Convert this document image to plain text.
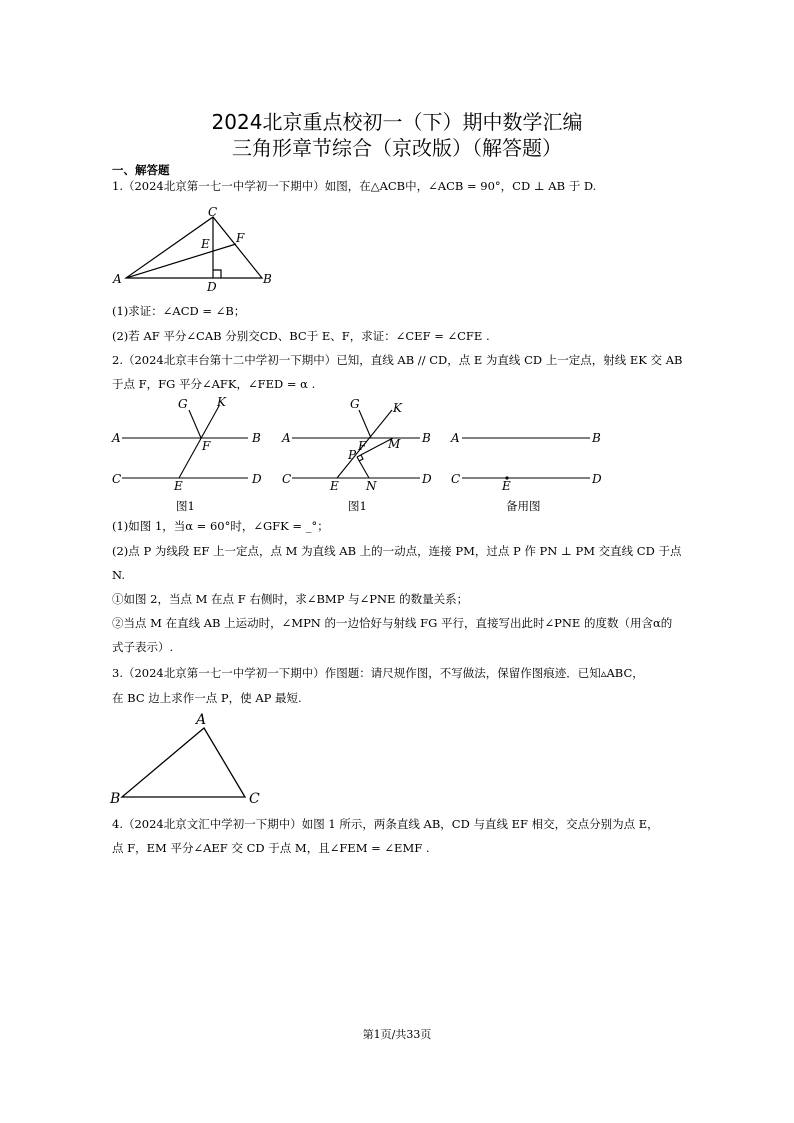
2024北京重点校初一（下）期中数学汇编
三角形章节综合（京改版）（解答题）
一、解答题
1.（2024北京第一七一中学初一下期中）如图，在△ACB中，∠ACB = 90°，CD ⊥ AB 于 D.
C
E F
A
D
B
(1)求证：∠ACD = ∠B；
(2)若 AF 平分∠CAB 分别交CD、BC于 E、F，求证：∠CEF = ∠CFE .
2.（2024北京丰台第十二中学初一下期中）已知，直线 AB // CD，点 E 为直线 CD 上一定点，射线 EK 交 AB
于点 F，FG 平分∠AFK，∠FED = α .
G K
A
F
B
C	E	D
G	K
A
F M B
P
C	E N	D
A	B
C	E	D
图1	图1	备用图
(1)如图 1，当α = 60°时，∠GFK = _°；
(2)点 P 为线段 EF 上一定点，点 M 为直线 AB 上的一动点，连接 PM，过点 P 作 PN ⊥ PM 交直线 CD 于点
N.
①如图 2，当点 M 在点 F 右侧时，求∠BMP 与∠PNE 的数量关系；
②当点 M 在直线 AB 上运动时，∠MPN 的一边恰好与射线 FG 平行，直接写出此时∠PNE 的度数（用含α的
式子表示）.
3.（2024北京第一七一中学初一下期中）作图题：请尺规作图，不写做法，保留作图痕迹．已知▵ABC，
在 BC 边上求作一点 P，使 AP 最短.
A
B	C
4.（2024北京文汇中学初一下期中）如图 1 所示，两条直线 AB，CD 与直线 EF 相交，交点分别为点 E，
点 F，EM 平分∠AEF 交 CD 于点 M，且∠FEM = ∠EMF .
第1页/共33页
